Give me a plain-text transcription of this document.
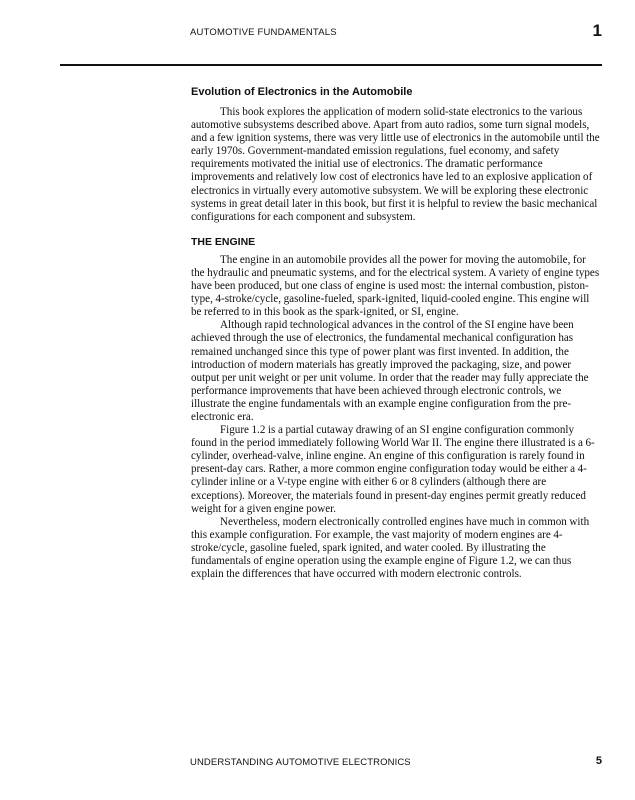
AUTOMOTIVE FUNDAMENTALS	1
Evolution of Electronics in the Automobile

This book explores the application of modern solid-state electronics to the various automotive subsystems described above. Apart from auto radios, some turn signal models, and a few ignition systems, there was very little use of electronics in the automobile until the early 1970s. Government-mandated emission regulations, fuel economy, and safety requirements motivated the initial use of electronics. The dramatic performance improvements and relatively low cost of electronics have led to an explosive application of electronics in virtually every automotive subsystem. We will be exploring these electronic systems in great detail later in this book, but first it is helpful to review the basic mechanical configurations for each component and subsystem.

THE ENGINE

The engine in an automobile provides all the power for moving the automobile, for the hydraulic and pneumatic systems, and for the electrical system. A variety of engine types have been produced, but one class of engine is used most: the internal combustion, piston-type, 4-stroke/cycle, gasoline-fueled, spark-ignited, liquid-cooled engine. This engine will be referred to in this book as the spark-ignited, or SI, engine.

Although rapid technological advances in the control of the SI engine have been achieved through the use of electronics, the fundamental mechanical configuration has remained unchanged since this type of power plant was first invented. In addition, the introduction of modern materials has greatly improved the packaging, size, and power output per unit weight or per unit volume. In order that the reader may fully appreciate the performance improvements that have been achieved through electronic controls, we illustrate the engine fundamentals with an example engine configuration from the pre-electronic era.

Figure 1.2 is a partial cutaway drawing of an SI engine configuration commonly found in the period immediately following World War II. The engine there illustrated is a 6-cylinder, overhead-valve, inline engine. An engine of this configuration is rarely found in present-day cars. Rather, a more common engine configuration today would be either a 4-cylinder inline or a V-type engine with either 6 or 8 cylinders (although there are exceptions). Moreover, the materials found in present-day engines permit greatly reduced weight for a given engine power.

Nevertheless, modern electronically controlled engines have much in common with this example configuration. For example, the vast majority of modern engines are 4-stroke/cycle, gasoline fueled, spark ignited, and water cooled. By illustrating the fundamentals of engine operation using the example engine of Figure 1.2, we can thus explain the differences that have occurred with modern electronic controls.

UNDERSTANDING AUTOMOTIVE ELECTRONICS	5
